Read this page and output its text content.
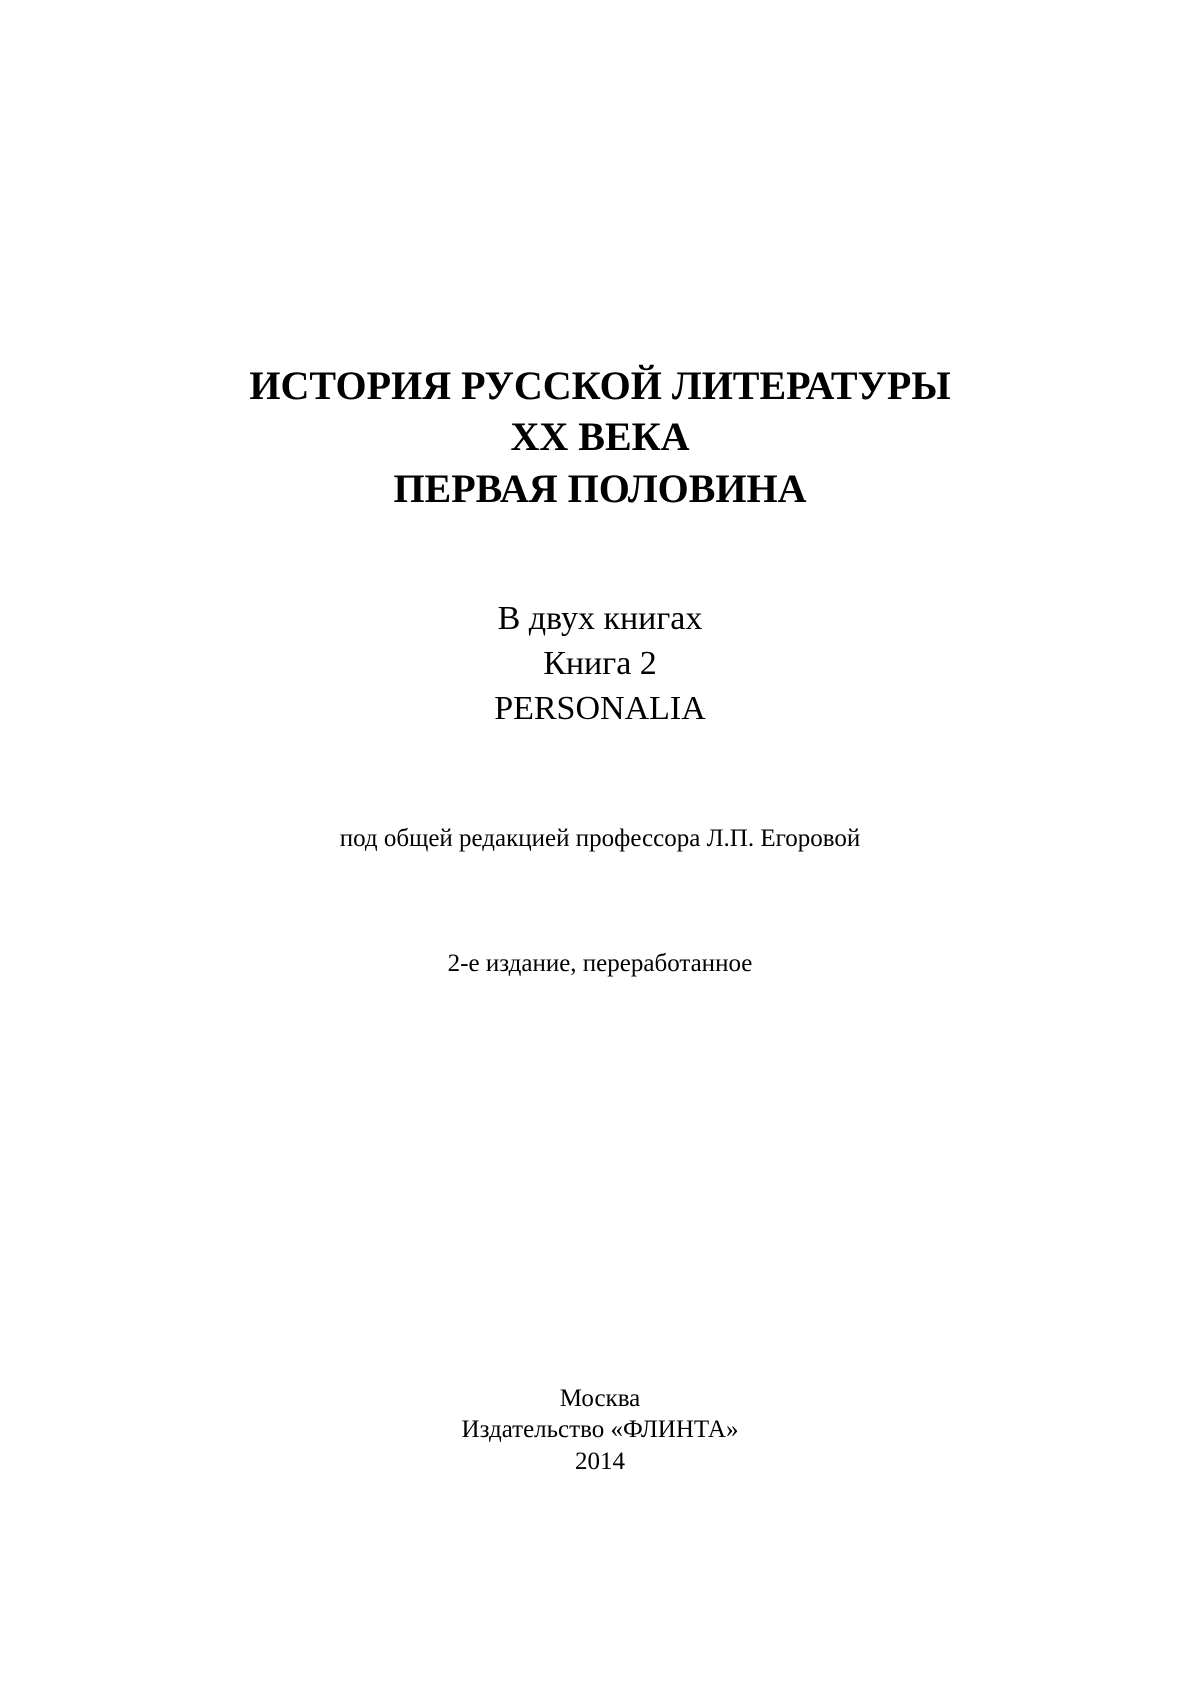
ИСТОРИЯ РУССКОЙ ЛИТЕРАТУРЫ
XX ВЕКА
ПЕРВАЯ ПОЛОВИНА
В двух книгах
Книга 2
PERSONALIA
под общей редакцией профессора Л.П. Егоровой
2-е издание, переработанное
Москва
Издательство «ФЛИНТА»
2014
